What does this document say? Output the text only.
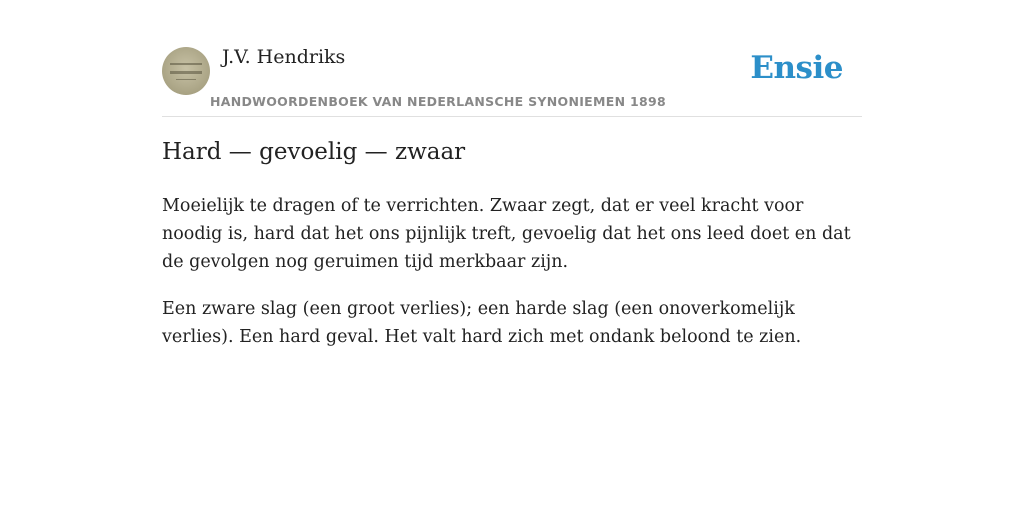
J.V. Hendriks
HANDWOORDENBOEK VAN NEDERLANSCHE SYNONIEMEN 1898
Ensie
Hard — gevoelig — zwaar

Moeielijk te dragen of te verrichten. Zwaar zegt, dat er veel kracht voor noodig is, hard dat het ons pijnlijk treft, gevoelig dat het ons leed doet en dat de gevolgen nog geruimen tijd merkbaar zijn.

Een zware slag (een groot verlies); een harde slag (een onoverkomelijk verlies). Een hard geval. Het valt hard zich met ondank beloond te zien.
